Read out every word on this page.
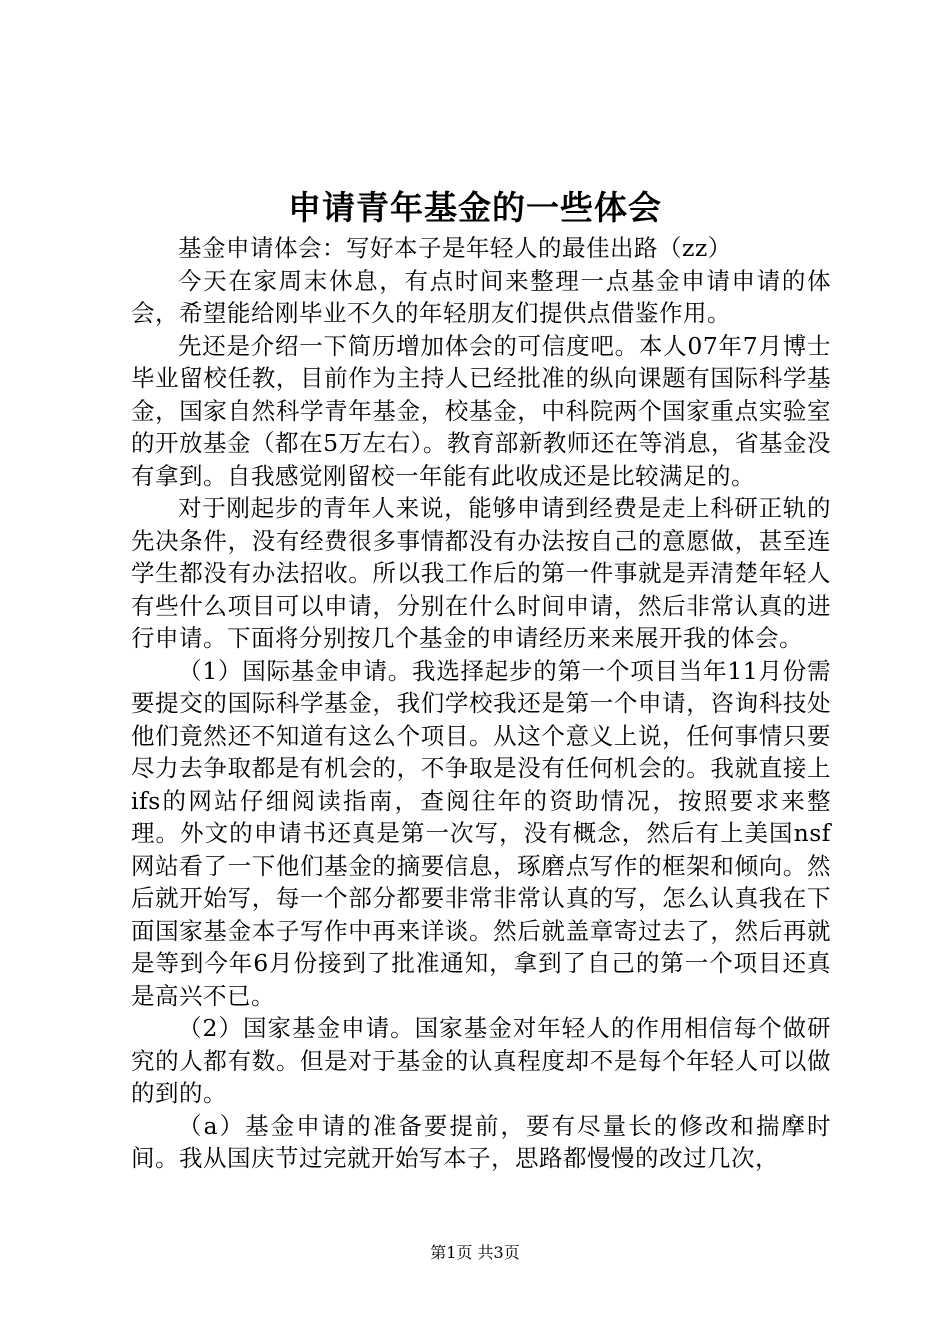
申请青年基金的一些体会

基金申请体会：写好本子是年轻人的最佳出路（zz）

今天在家周末休息，有点时间来整理一点基金申请申请的体会，希望能给刚毕业不久的年轻朋友们提供点借鉴作用。

先还是介绍一下简历增加体会的可信度吧。本人07年7月博士毕业留校任教，目前作为主持人已经批准的纵向课题有国际科学基金，国家自然科学青年基金，校基金，中科院两个国家重点实验室的开放基金（都在5万左右）。教育部新教师还在等消息，省基金没有拿到。自我感觉刚留校一年能有此收成还是比较满足的。

对于刚起步的青年人来说，能够申请到经费是走上科研正轨的先决条件，没有经费很多事情都没有办法按自己的意愿做，甚至连学生都没有办法招收。所以我工作后的第一件事就是弄清楚年轻人有些什么项目可以申请，分别在什么时间申请，然后非常认真的进行申请。下面将分别按几个基金的申请经历来来展开我的体会。

（1）国际基金申请。我选择起步的第一个项目当年11月份需要提交的国际科学基金，我们学校我还是第一个申请，咨询科技处他们竟然还不知道有这么个项目。从这个意义上说，任何事情只要尽力去争取都是有机会的，不争取是没有任何机会的。我就直接上ifs的网站仔细阅读指南，查阅往年的资助情况，按照要求来整理。外文的申请书还真是第一次写，没有概念，然后有上美国nsf网站看了一下他们基金的摘要信息，琢磨点写作的框架和倾向。然后就开始写，每一个部分都要非常非常认真的写，怎么认真我在下面国家基金本子写作中再来详谈。然后就盖章寄过去了，然后再就是等到今年6月份接到了批准通知，拿到了自己的第一个项目还真是高兴不已。

（2）国家基金申请。国家基金对年轻人的作用相信每个做研究的人都有数。但是对于基金的认真程度却不是每个年轻人可以做的到的。

（a）基金申请的准备要提前，要有尽量长的修改和揣摩时间。我从国庆节过完就开始写本子，思路都慢慢的改过几次，

第1页 共3页
